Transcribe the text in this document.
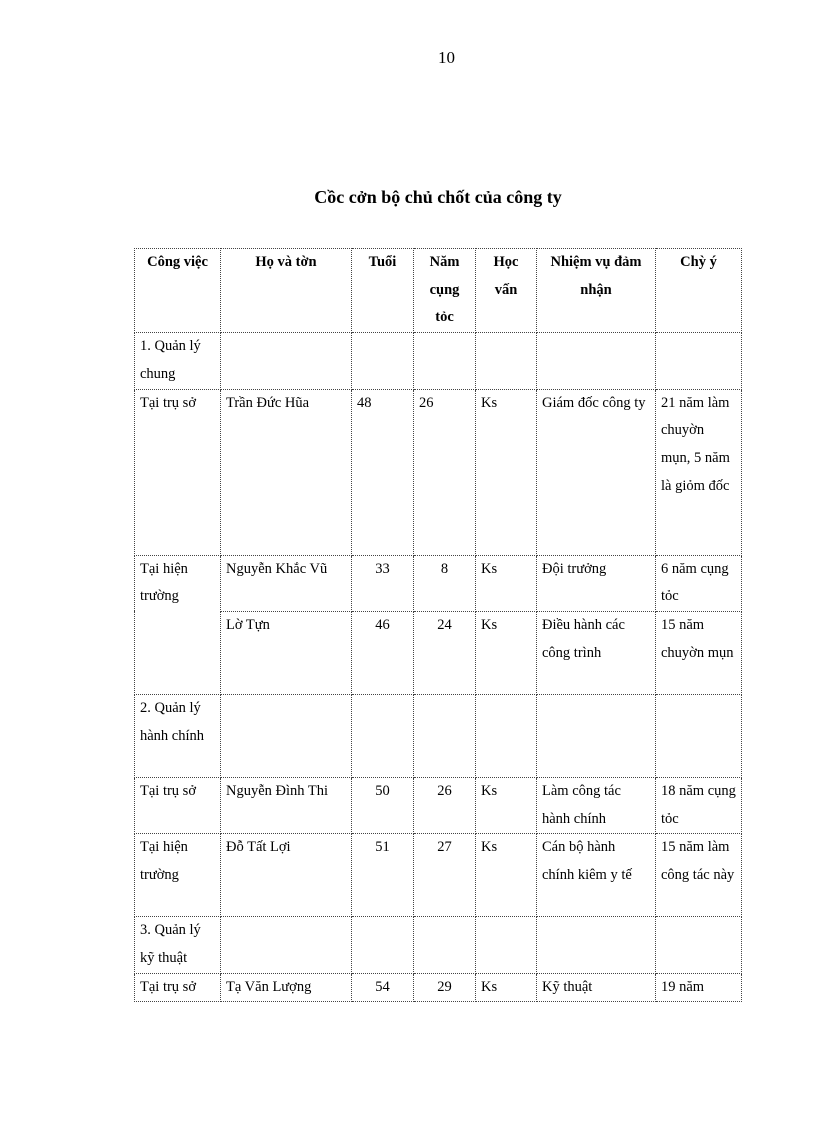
10
Cồc cởn bộ chủ chốt của công ty
Công việc	Họ và tờn	Tuổi	Năm cụng tỏc	Học vấn	Nhiệm vụ đảm nhận	Chỳ ý
1. Quản lý chung						
Tại trụ sở	Trần Đức Hũa	48	26	Ks	Giám đốc công ty	21 năm làm chuyờn mụn, 5 năm là giỏm đốc
Tại hiện trường	Nguyễn Khắc Vũ	33	8	Ks	Đội trưởng	6 năm cụng tỏc
	Lờ Tựn	46	24	Ks	Điều hành các công trình	15 năm chuyờn mụn
2. Quản lý hành chính						
Tại trụ sở	Nguyễn Đình Thi	50	26	Ks	Làm công tác hành chính	18 năm cụng tỏc
Tại hiện trường	Đỗ Tất Lợi	51	27	Ks	Cán bộ hành chính kiêm y tế	15 năm làm công tác này
3. Quản lý kỹ thuật						
Tại trụ sở	Tạ Văn Lượng	54	29	Ks	Kỹ thuật	19 năm
